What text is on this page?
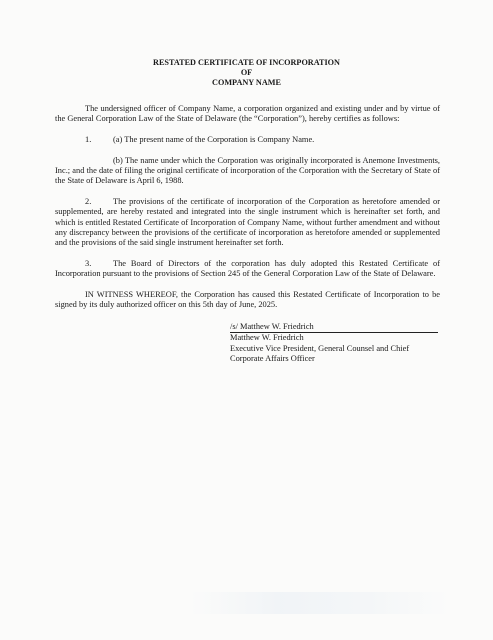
RESTATED CERTIFICATE OF INCORPORATION
OF
COMPANY NAME

The undersigned officer of Company Name, a corporation organized and existing under and by virtue of the General Corporation Law of the State of Delaware (the “Corporation”), hereby certifies as follows:

1.	(a) The present name of the Corporation is Company Name.

(b) The name under which the Corporation was originally incorporated is Anemone Investments, Inc.; and the date of filing the original certificate of incorporation of the Corporation with the Secretary of State of the State of Delaware is April 6, 1988.

2.	The provisions of the certificate of incorporation of the Corporation as heretofore amended or supplemented, are hereby restated and integrated into the single instrument which is hereinafter set forth, and which is entitled Restated Certificate of Incorporation of Company Name, without further amendment and without any discrepancy between the provisions of the certificate of incorporation as heretofore amended or supplemented and the provisions of the said single instrument hereinafter set forth.

3.	The Board of Directors of the corporation has duly adopted this Restated Certificate of Incorporation pursuant to the provisions of Section 245 of the General Corporation Law of the State of Delaware.

IN WITNESS WHEREOF, the Corporation has caused this Restated Certificate of Incorporation to be signed by its duly authorized officer on this 5th day of June, 2025.

/s/ Matthew W. Friedrich

Matthew W. Friedrich

Executive Vice President, General Counsel and Chief

Corporate Affairs Officer
